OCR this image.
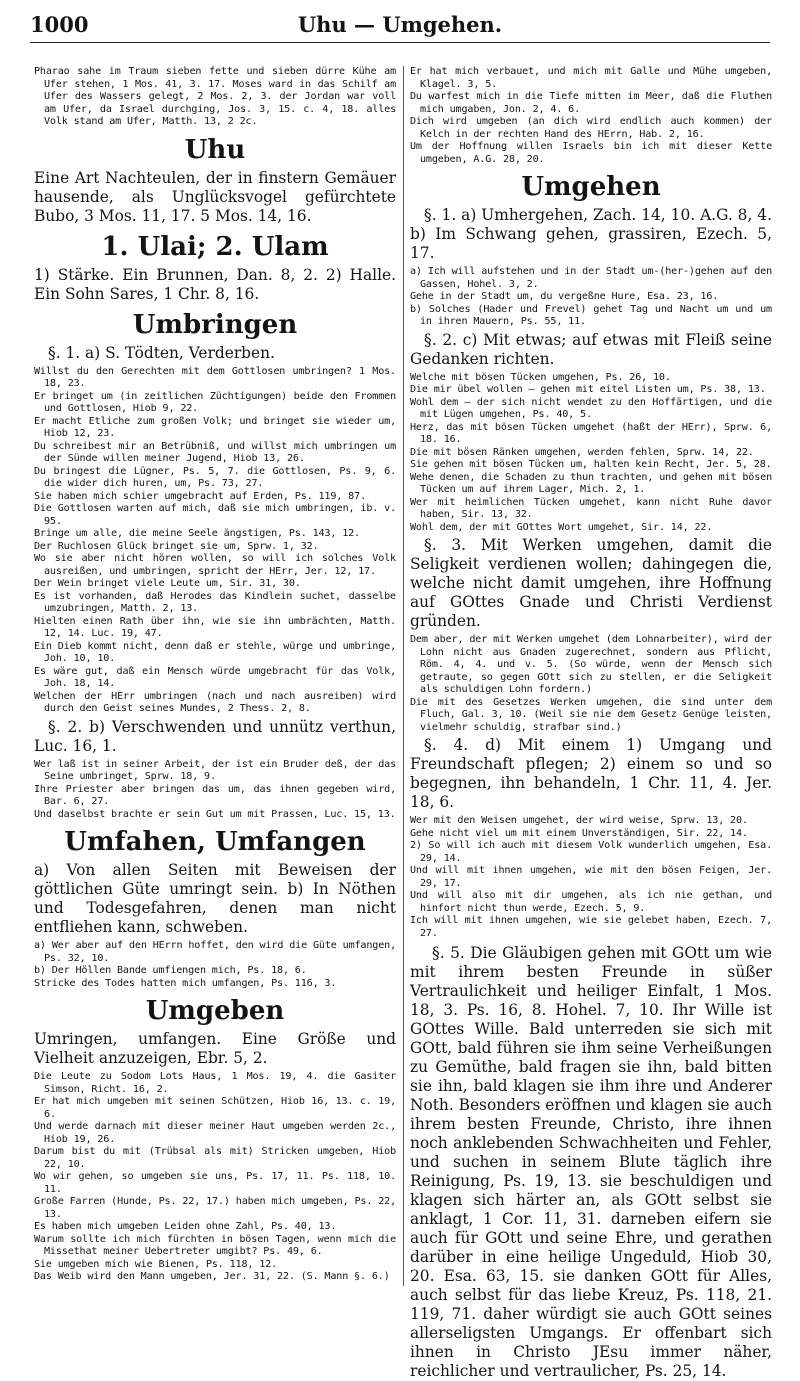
1000	Uhu — Umgehen.

Pharao sahe im Traum sieben fette und sieben dürre Kühe am Ufer stehen, 1 Mos. 41, 3. 17. Moses ward in das Schilf am Ufer des Wassers gelegt, 2 Mos. 2, 3. der Jordan war voll am Ufer, da Israel durchging, Jos. 3, 15. c. 4, 18. alles Volk stand am Ufer, Matth. 13, 2 2c.

Uhu

Eine Art Nachteulen, der in finstern Gemäuer hausende, als Unglücksvogel gefürchtete Bubo, 3 Mos. 11, 17. 5 Mos. 14, 16.

1. Ulai; 2. Ulam

1) Stärke. Ein Brunnen, Dan. 8, 2. 2) Halle. Ein Sohn Sares, 1 Chr. 8, 16.

Umbringen

§. 1. a) S. Tödten, Verderben.

Willst du den Gerechten mit dem Gottlosen umbringen? 1 Mos. 18, 23.

Er bringet um (in zeitlichen Züchtigungen) beide den Frommen und Gottlosen, Hiob 9, 22.

Er macht Etliche zum großen Volk; und bringet sie wieder um, Hiob 12, 23.

Du schreibest mir an Betrübniß, und willst mich umbringen um der Sünde willen meiner Jugend, Hiob 13, 26.

Du bringest die Lügner, Ps. 5, 7. die Gottlosen, Ps. 9, 6. die wider dich huren, um, Ps. 73, 27.

Sie haben mich schier umgebracht auf Erden, Ps. 119, 87.

Die Gottlosen warten auf mich, daß sie mich umbringen, ib. v. 95.

Bringe um alle, die meine Seele ängstigen, Ps. 143, 12.

Der Ruchlosen Glück bringet sie um, Sprw. 1, 32.

Wo sie aber nicht hören wollen, so will ich solches Volk ausreißen, und umbringen, spricht der HErr, Jer. 12, 17.

Der Wein bringet viele Leute um, Sir. 31, 30.

Es ist vorhanden, daß Herodes das Kindlein suchet, dasselbe umzubringen, Matth. 2, 13.

Hielten einen Rath über ihn, wie sie ihn umbrächten, Matth. 12, 14. Luc. 19, 47.

Ein Dieb kommt nicht, denn daß er stehle, würge und umbringe, Joh. 10, 10.

Es wäre gut, daß ein Mensch würde umgebracht für das Volk, Joh. 18, 14.

Welchen der HErr umbringen (nach und nach ausreiben) wird durch den Geist seines Mundes, 2 Thess. 2, 8.

§. 2. b) Verschwenden und unnütz verthun, Luc. 16, 1.

Wer laß ist in seiner Arbeit, der ist ein Bruder deß, der das Seine umbringet, Sprw. 18, 9.

Ihre Priester aber bringen das um, das ihnen gegeben wird, Bar. 6, 27.

Und daselbst brachte er sein Gut um mit Prassen, Luc. 15, 13.

Umfahen, Umfangen

a) Von allen Seiten mit Beweisen der göttlichen Güte umringt sein. b) In Nöthen und Todesgefahren, denen man nicht entfliehen kann, schweben.

a) Wer aber auf den HErrn hoffet, den wird die Güte umfangen, Ps. 32, 10.

b) Der Höllen Bande umfiengen mich, Ps. 18, 6.

Stricke des Todes hatten mich umfangen, Ps. 116, 3.

Umgeben

Umringen, umfangen. Eine Größe und Vielheit anzuzeigen, Ebr. 5, 2.

Die Leute zu Sodom Lots Haus, 1 Mos. 19, 4. die Gasiter Simson, Richt. 16, 2.

Er hat mich umgeben mit seinen Schützen, Hiob 16, 13. c. 19, 6.

Und werde darnach mit dieser meiner Haut umgeben werden 2c., Hiob 19, 26.

Darum bist du mit (Trübsal als mit) Stricken umgeben, Hiob 22, 10.

Wo wir gehen, so umgeben sie uns, Ps. 17, 11. Ps. 118, 10. 11.

Große Farren (Hunde, Ps. 22, 17.) haben mich umgeben, Ps. 22, 13.

Es haben mich umgeben Leiden ohne Zahl, Ps. 40, 13.

Warum sollte ich mich fürchten in bösen Tagen, wenn mich die Missethat meiner Uebertreter umgibt? Ps. 49, 6.

Sie umgeben mich wie Bienen, Ps. 118, 12.

Das Weib wird den Mann umgeben, Jer. 31, 22. (S. Mann §. 6.)

Er hat mich verbauet, und mich mit Galle und Mühe umgeben, Klagel. 3, 5.

Du warfest mich in die Tiefe mitten im Meer, daß die Fluthen mich umgaben, Jon. 2, 4. 6.

Dich wird umgeben (an dich wird endlich auch kommen) der Kelch in der rechten Hand des HErrn, Hab. 2, 16.

Um der Hoffnung willen Israels bin ich mit dieser Kette umgeben, A.G. 28, 20.

Umgehen

§. 1. a) Umhergehen, Zach. 14, 10. A.G. 8, 4. b) Im Schwang gehen, grassiren, Ezech. 5, 17.

a) Ich will aufstehen und in der Stadt um-(her-)gehen auf den Gassen, Hohel. 3, 2.

Gehe in der Stadt um, du vergeßne Hure, Esa. 23, 16.

b) Solches (Hader und Frevel) gehet Tag und Nacht um und um in ihren Mauern, Ps. 55, 11.

§. 2. c) Mit etwas; auf etwas mit Fleiß seine Gedanken richten.

Welche mit bösen Tücken umgehen, Ps. 26, 10.

Die mir übel wollen — gehen mit eitel Listen um, Ps. 38, 13.

Wohl dem — der sich nicht wendet zu den Hoffärtigen, und die mit Lügen umgehen, Ps. 40, 5.

Herz, das mit bösen Tücken umgehet (haßt der HErr), Sprw. 6, 18. 16.

Die mit bösen Ränken umgehen, werden fehlen, Sprw. 14, 22.

Sie gehen mit bösen Tücken um, halten kein Recht, Jer. 5, 28.

Wehe denen, die Schaden zu thun trachten, und gehen mit bösen Tücken um auf ihrem Lager, Mich. 2, 1.

Wer mit heimlichen Tücken umgehet, kann nicht Ruhe davor haben, Sir. 13, 32.

Wohl dem, der mit GOttes Wort umgehet, Sir. 14, 22.

§. 3. Mit Werken umgehen, damit die Seligkeit verdienen wollen; dahingegen die, welche nicht damit umgehen, ihre Hoffnung auf GOttes Gnade und Christi Verdienst gründen.

Dem aber, der mit Werken umgehet (dem Lohnarbeiter), wird der Lohn nicht aus Gnaden zugerechnet, sondern aus Pflicht, Röm. 4, 4. und v. 5. (So würde, wenn der Mensch sich getraute, so gegen GOtt sich zu stellen, er die Seligkeit als schuldigen Lohn fordern.)

Die mit des Gesetzes Werken umgehen, die sind unter dem Fluch, Gal. 3, 10. (Weil sie nie dem Gesetz Genüge leisten, vielmehr schuldig, strafbar sind.)

§. 4. d) Mit einem 1) Umgang und Freundschaft pflegen; 2) einem so und so begegnen, ihn behandeln, 1 Chr. 11, 4. Jer. 18, 6.

Wer mit den Weisen umgehet, der wird weise, Sprw. 13, 20.

Gehe nicht viel um mit einem Unverständigen, Sir. 22, 14.

2) So will ich auch mit diesem Volk wunderlich umgehen, Esa. 29, 14.

Und will mit ihnen umgehen, wie mit den bösen Feigen, Jer. 29, 17.

Und will also mit dir umgehen, als ich nie gethan, und hinfort nicht thun werde, Ezech. 5, 9.

Ich will mit ihnen umgehen, wie sie gelebet haben, Ezech. 7, 27.

§. 5. Die Gläubigen gehen mit GOtt um wie mit ihrem besten Freunde in süßer Vertraulichkeit und heiliger Einfalt, 1 Mos. 18, 3. Ps. 16, 8. Hohel. 7, 10. Ihr Wille ist GOttes Wille. Bald unterreden sie sich mit GOtt, bald führen sie ihm seine Verheißungen zu Gemüthe, bald fragen sie ihn, bald bitten sie ihn, bald klagen sie ihm ihre und Anderer Noth. Besonders eröffnen und klagen sie auch ihrem besten Freunde, Christo, ihre ihnen noch anklebenden Schwachheiten und Fehler, und suchen in seinem Blute täglich ihre Reinigung, Ps. 19, 13. sie beschuldigen und klagen sich härter an, als GOtt selbst sie anklagt, 1 Cor. 11, 31. darneben eifern sie auch für GOtt und seine Ehre, und gerathen darüber in eine heilige Ungeduld, Hiob 30, 20. Esa. 63, 15. sie danken GOtt für Alles, auch selbst für das liebe Kreuz, Ps. 118, 21. 119, 71. daher würdigt sie auch GOtt seines allerseligsten Umgangs. Er offenbart sich ihnen in Christo JEsu immer näher, reichlicher und vertraulicher, Ps. 25, 14.
